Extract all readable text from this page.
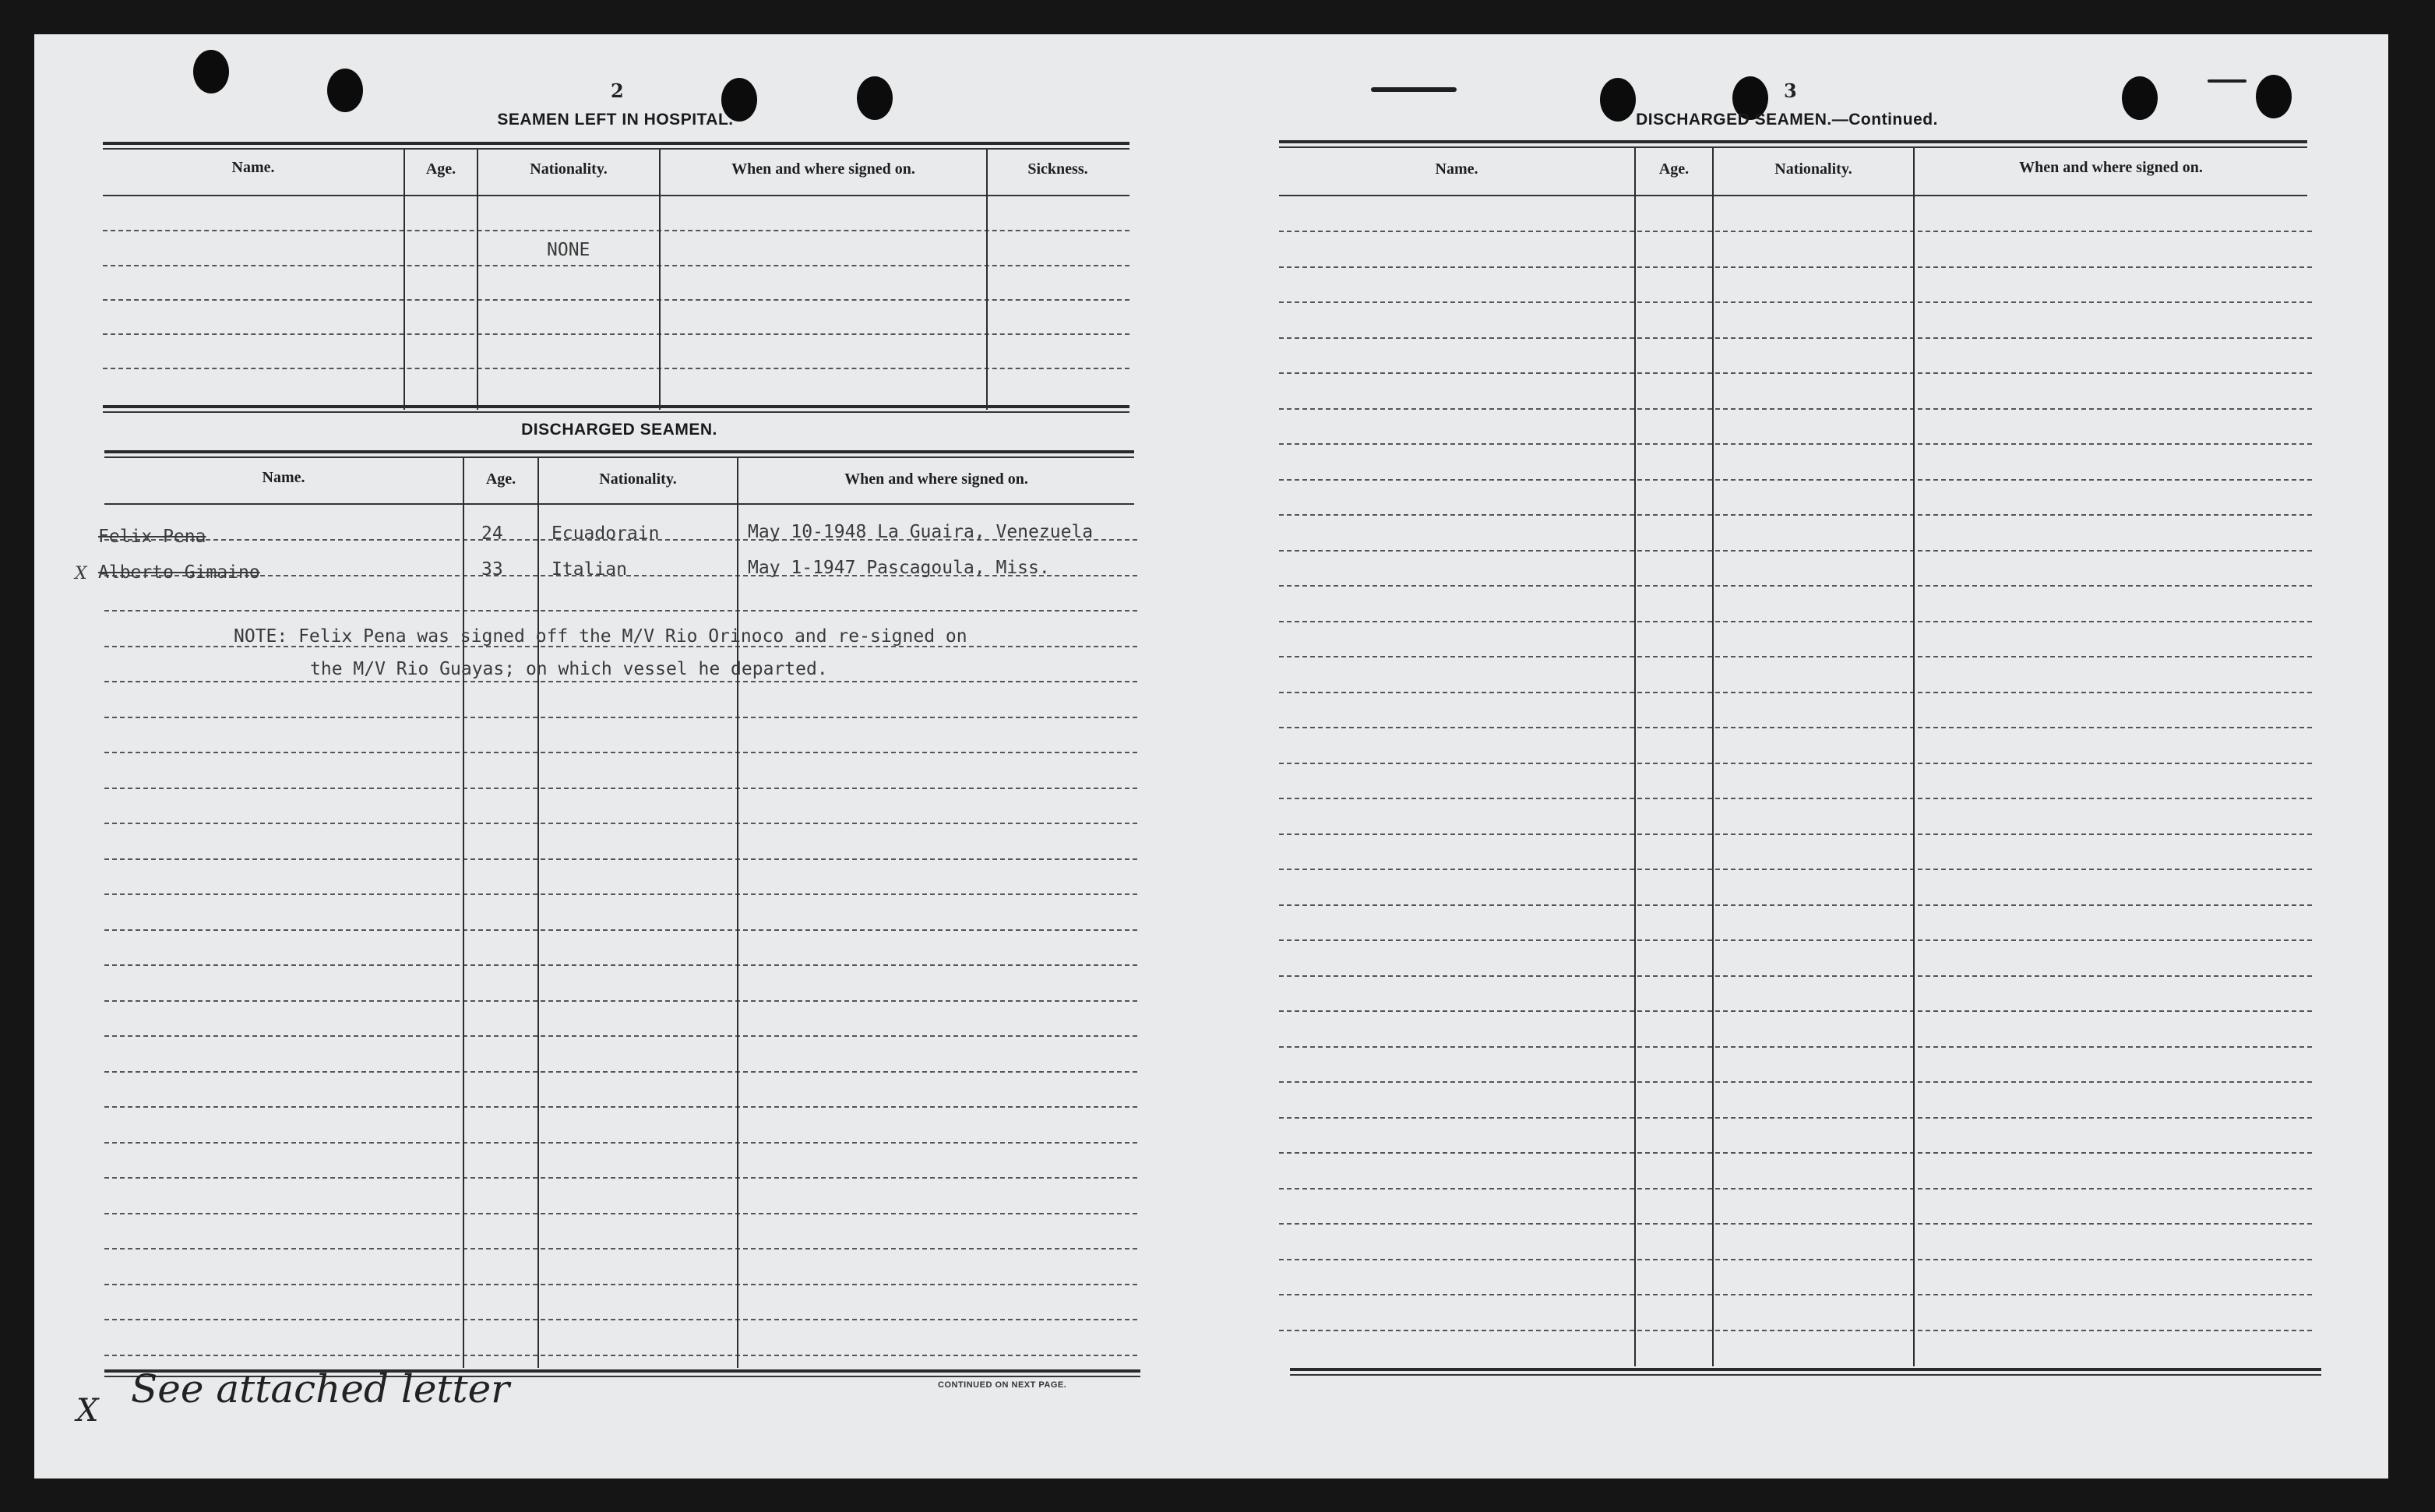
2
SEAMEN LEFT IN HOSPITAL.
Name.	Age.	Nationality.	When and where signed on.	Sickness.
NONE
DISCHARGED SEAMEN.
Name.	Age.	Nationality.	When and where signed on.
Felix Pena	24	Ecuadorain	May 10-1948 La Guaira, Venezuela
X Alberto Gimaino	33	Italian	May 1-1947 Pascagoula, Miss.
NOTE: Felix Pena was signed off the M/V Rio Orinoco and re-signed on
the M/V Rio Guayas; on which vessel he departed.
CONTINUED ON NEXT PAGE.
X See attached letter
3
DISCHARGED SEAMEN.—Continued.
Name.	Age.	Nationality.	When and where signed on.
